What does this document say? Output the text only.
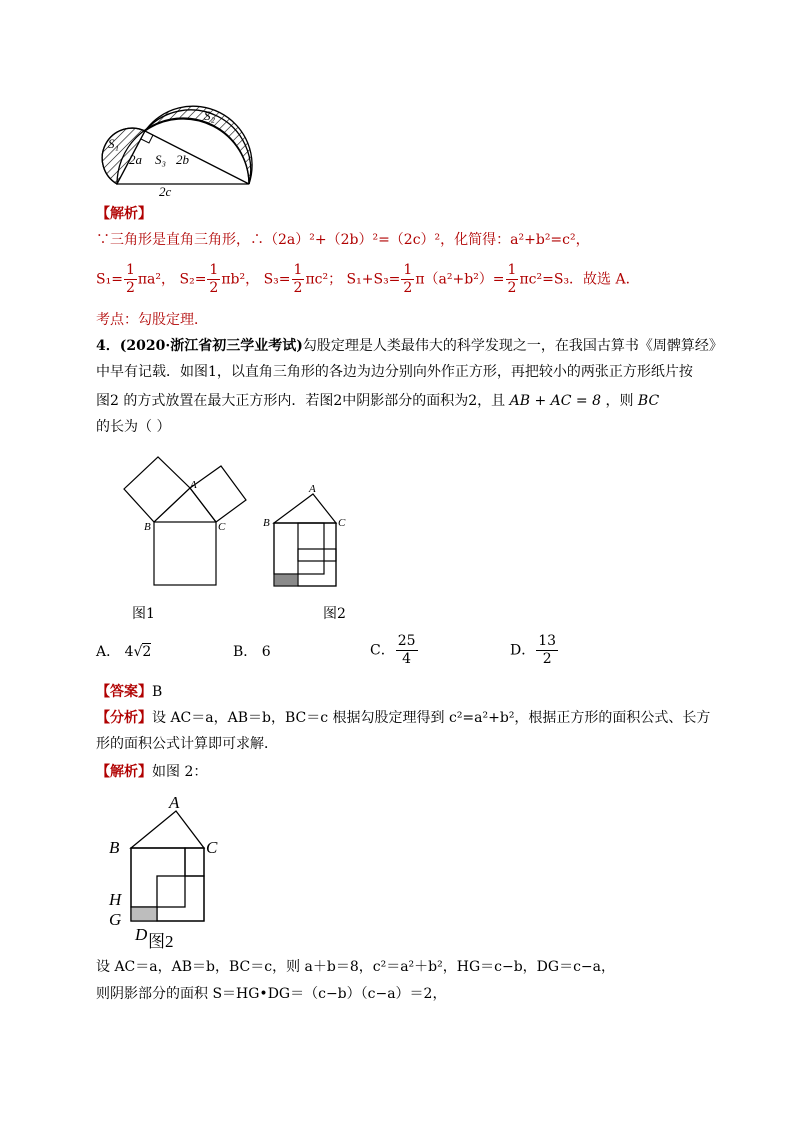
S₁
S₂
S₃
2a	2b
2c
【解析】
∵三角形是直角三角形，∴（2a）²+（2b）²=（2c）²，化简得：a²+b²=c²，
$S_1= \frac{1}{2} \pi a^2$， $S_2= \frac{1}{2} \pi b^2$， $S_3= \frac{1}{2} \pi c^2$； $S_1+S_3= \frac{1}{2} \pi(a^2+b^2)= \frac{1}{2} \pi c^2=S_3$．故选 A．
考点：勾股定理．
4．(2020·浙江省初三学业考试)勾股定理是人类最伟大的科学发现之一，在我国古算书《周髀算经》
中早有记载．如图1，以直角三角形的各边为边分别向外作正方形，再把较小的两张正方形纸片按
图2 的方式放置在最大正方形内．若图2中阴影部分的面积为2，且 AB + AC = 8 ，则 BC
的长为（ ）
A
B	C
图1
A
B	C
图2
A． 4√2	B． 6	C． $\frac{25}{4}$	D． $\frac{13}{2}$
【答案】B
【分析】设 AC＝a，AB＝b，BC＝c 根据勾股定理得到 c²=a²+b²，根据正方形的面积公式、长方
形的面积公式计算即可求解．
【解析】如图 2：
A
B	C
H
G
D 图2
设 AC＝a，AB＝b，BC＝c，则 a＋b＝8，c²＝a²＋b²，HG＝c−b，DG＝c−a，
则阴影部分的面积 S＝HG•DG＝（c−b）（c−a）＝2，
